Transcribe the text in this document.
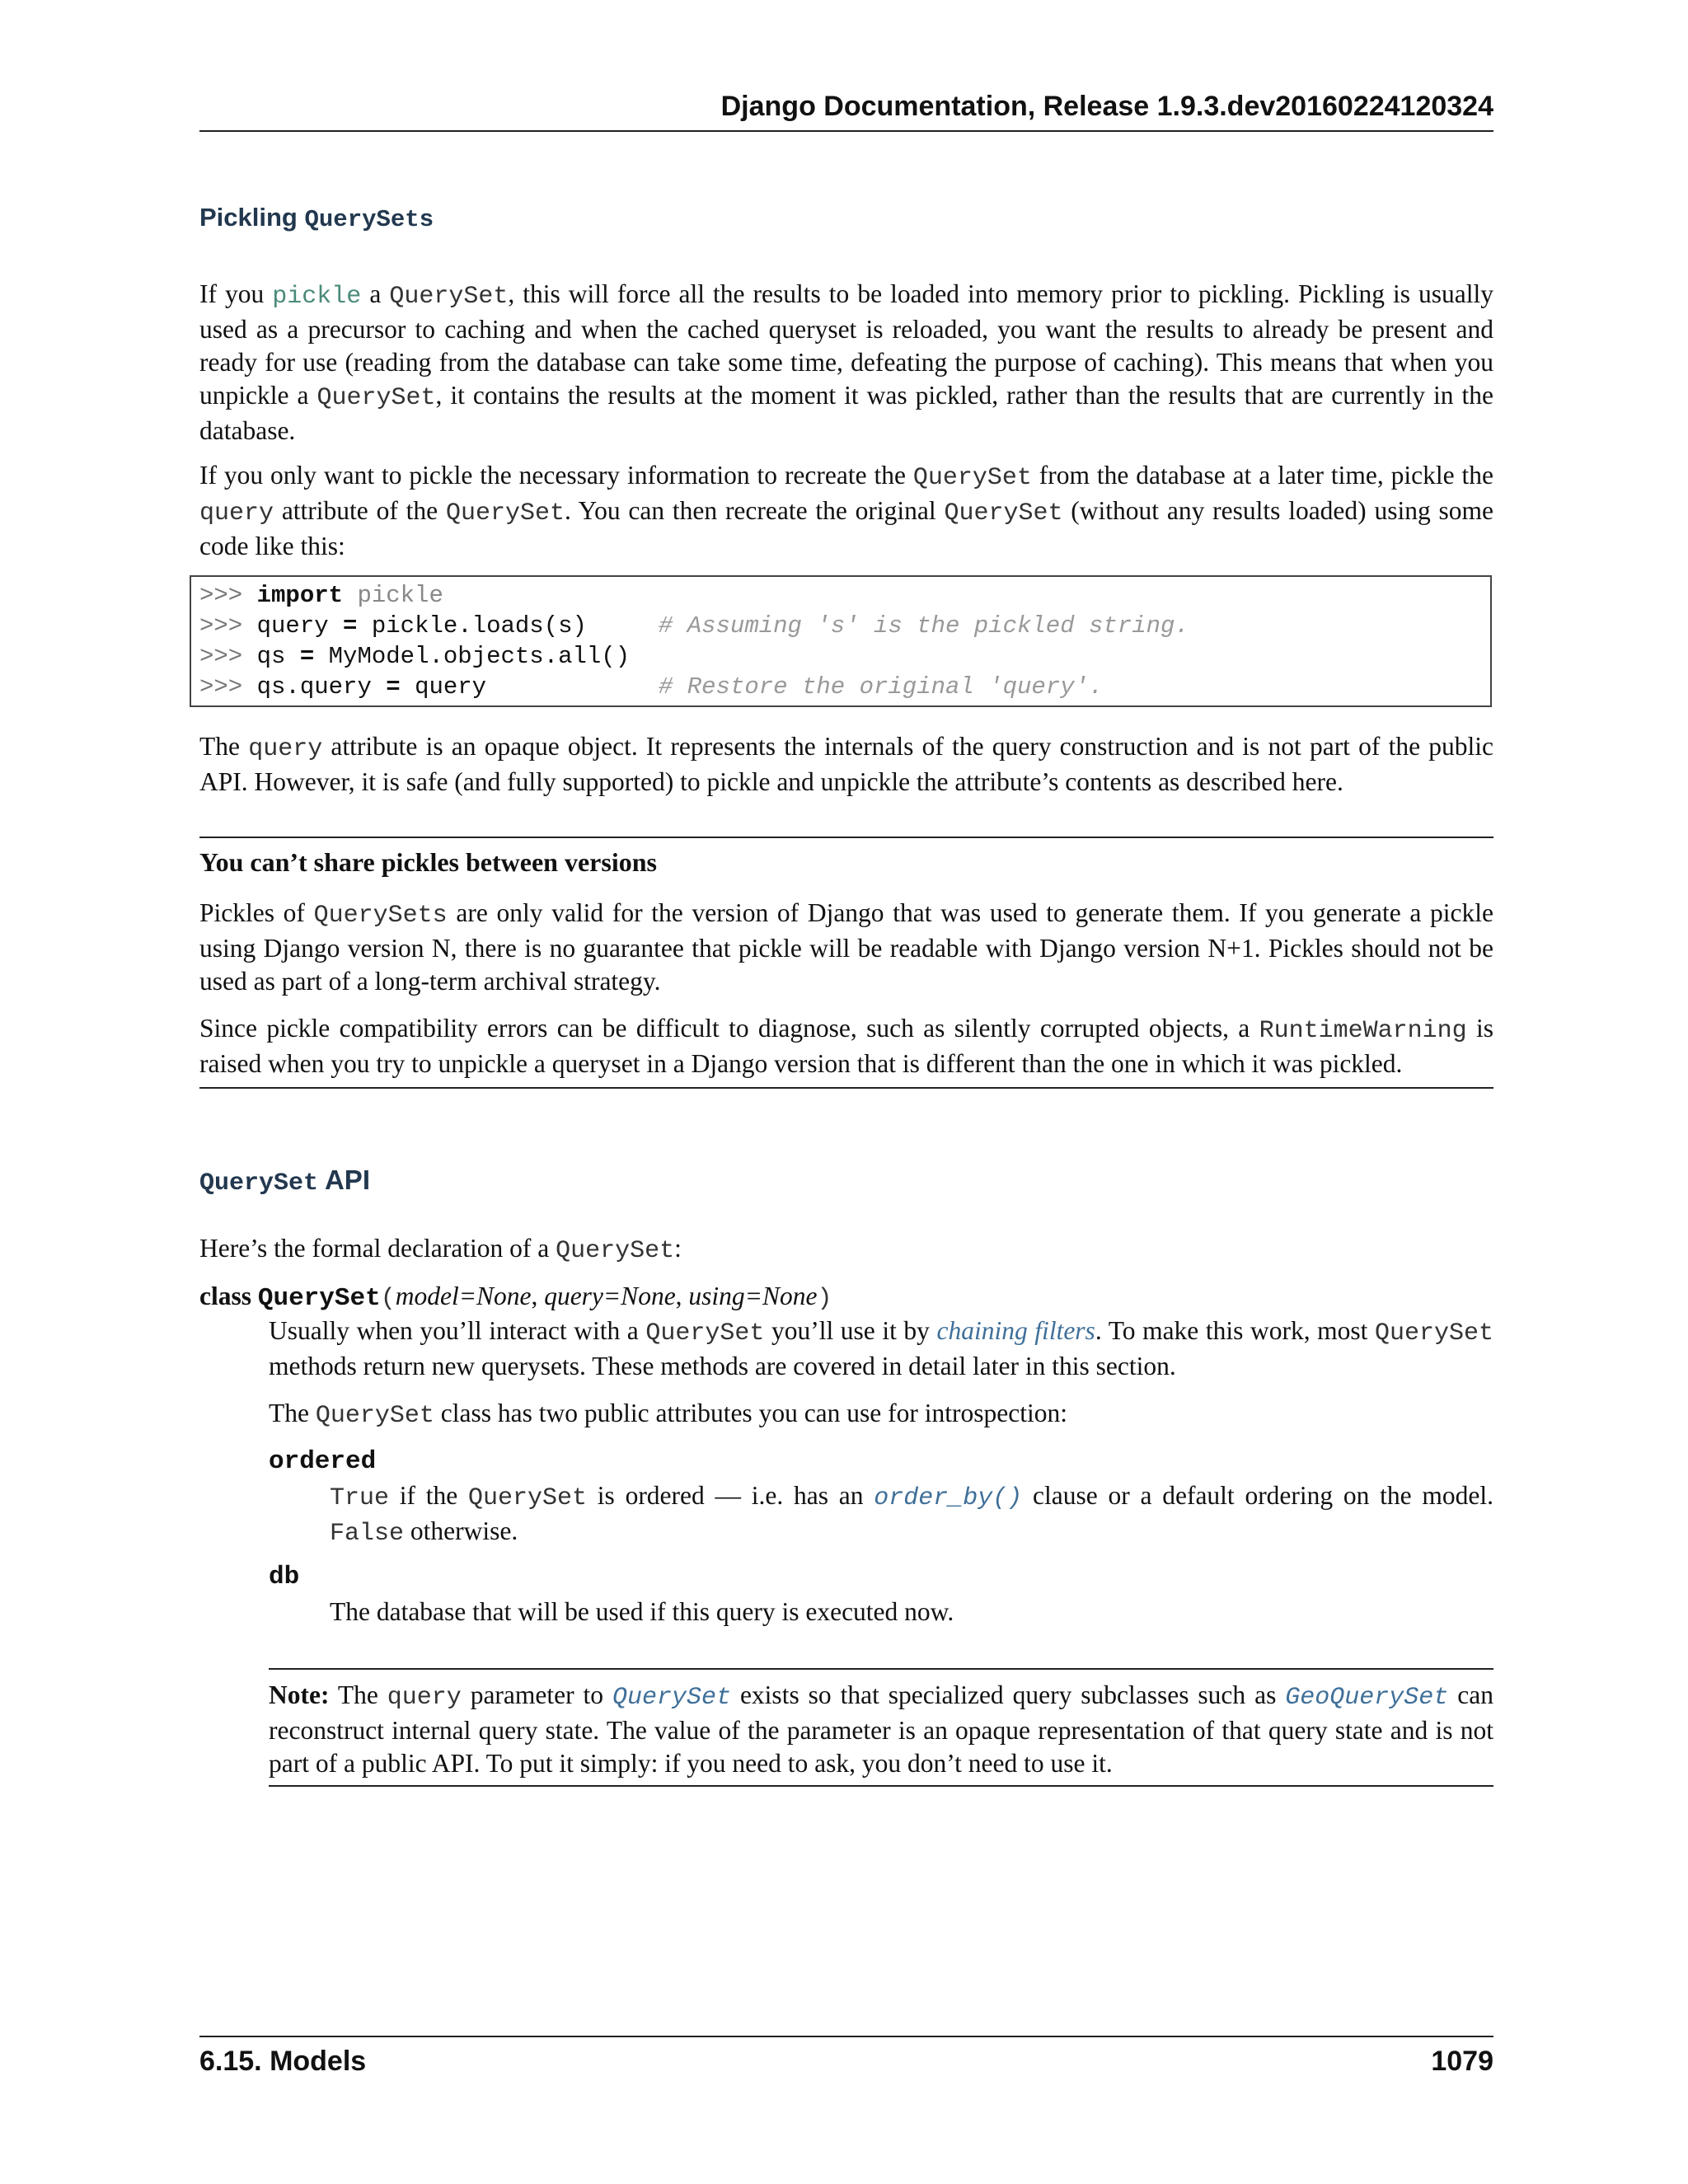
Django Documentation, Release 1.9.3.dev20160224120324
Pickling QuerySets

If you pickle a QuerySet, this will force all the results to be loaded into memory prior to pickling. Pickling is usually used as a precursor to caching and when the cached queryset is reloaded, you want the results to already be present and ready for use (reading from the database can take some time, defeating the purpose of caching). This means that when you unpickle a QuerySet, it contains the results at the moment it was pickled, rather than the results that are currently in the database.

If you only want to pickle the necessary information to recreate the QuerySet from the database at a later time, pickle the query attribute of the QuerySet. You can then recreate the original QuerySet (without any results loaded) using some code like this:

>>> import pickle
>>> query = pickle.loads(s)     # Assuming 's' is the pickled string.
>>> qs = MyModel.objects.all()
>>> qs.query = query            # Restore the original 'query'.

The query attribute is an opaque object. It represents the internals of the query construction and is not part of the public API. However, it is safe (and fully supported) to pickle and unpickle the attribute’s contents as described here.

You can’t share pickles between versions

Pickles of QuerySets are only valid for the version of Django that was used to generate them. If you generate a pickle using Django version N, there is no guarantee that pickle will be readable with Django version N+1. Pickles should not be used as part of a long-term archival strategy.

Since pickle compatibility errors can be difficult to diagnose, such as silently corrupted objects, a RuntimeWarning is raised when you try to unpickle a queryset in a Django version that is different than the one in which it was pickled.

QuerySet API

Here’s the formal declaration of a QuerySet:

class QuerySet(model=None, query=None, using=None)

Usually when you’ll interact with a QuerySet you’ll use it by chaining filters. To make this work, most QuerySet methods return new querysets. These methods are covered in detail later in this section.

The QuerySet class has two public attributes you can use for introspection:

ordered

True if the QuerySet is ordered — i.e. has an order_by() clause or a default ordering on the model. False otherwise.

db

The database that will be used if this query is executed now.

Note: The query parameter to QuerySet exists so that specialized query subclasses such as GeoQuerySet can reconstruct internal query state. The value of the parameter is an opaque representation of that query state and is not part of a public API. To put it simply: if you need to ask, you don’t need to use it.

6.15. Models	1079
